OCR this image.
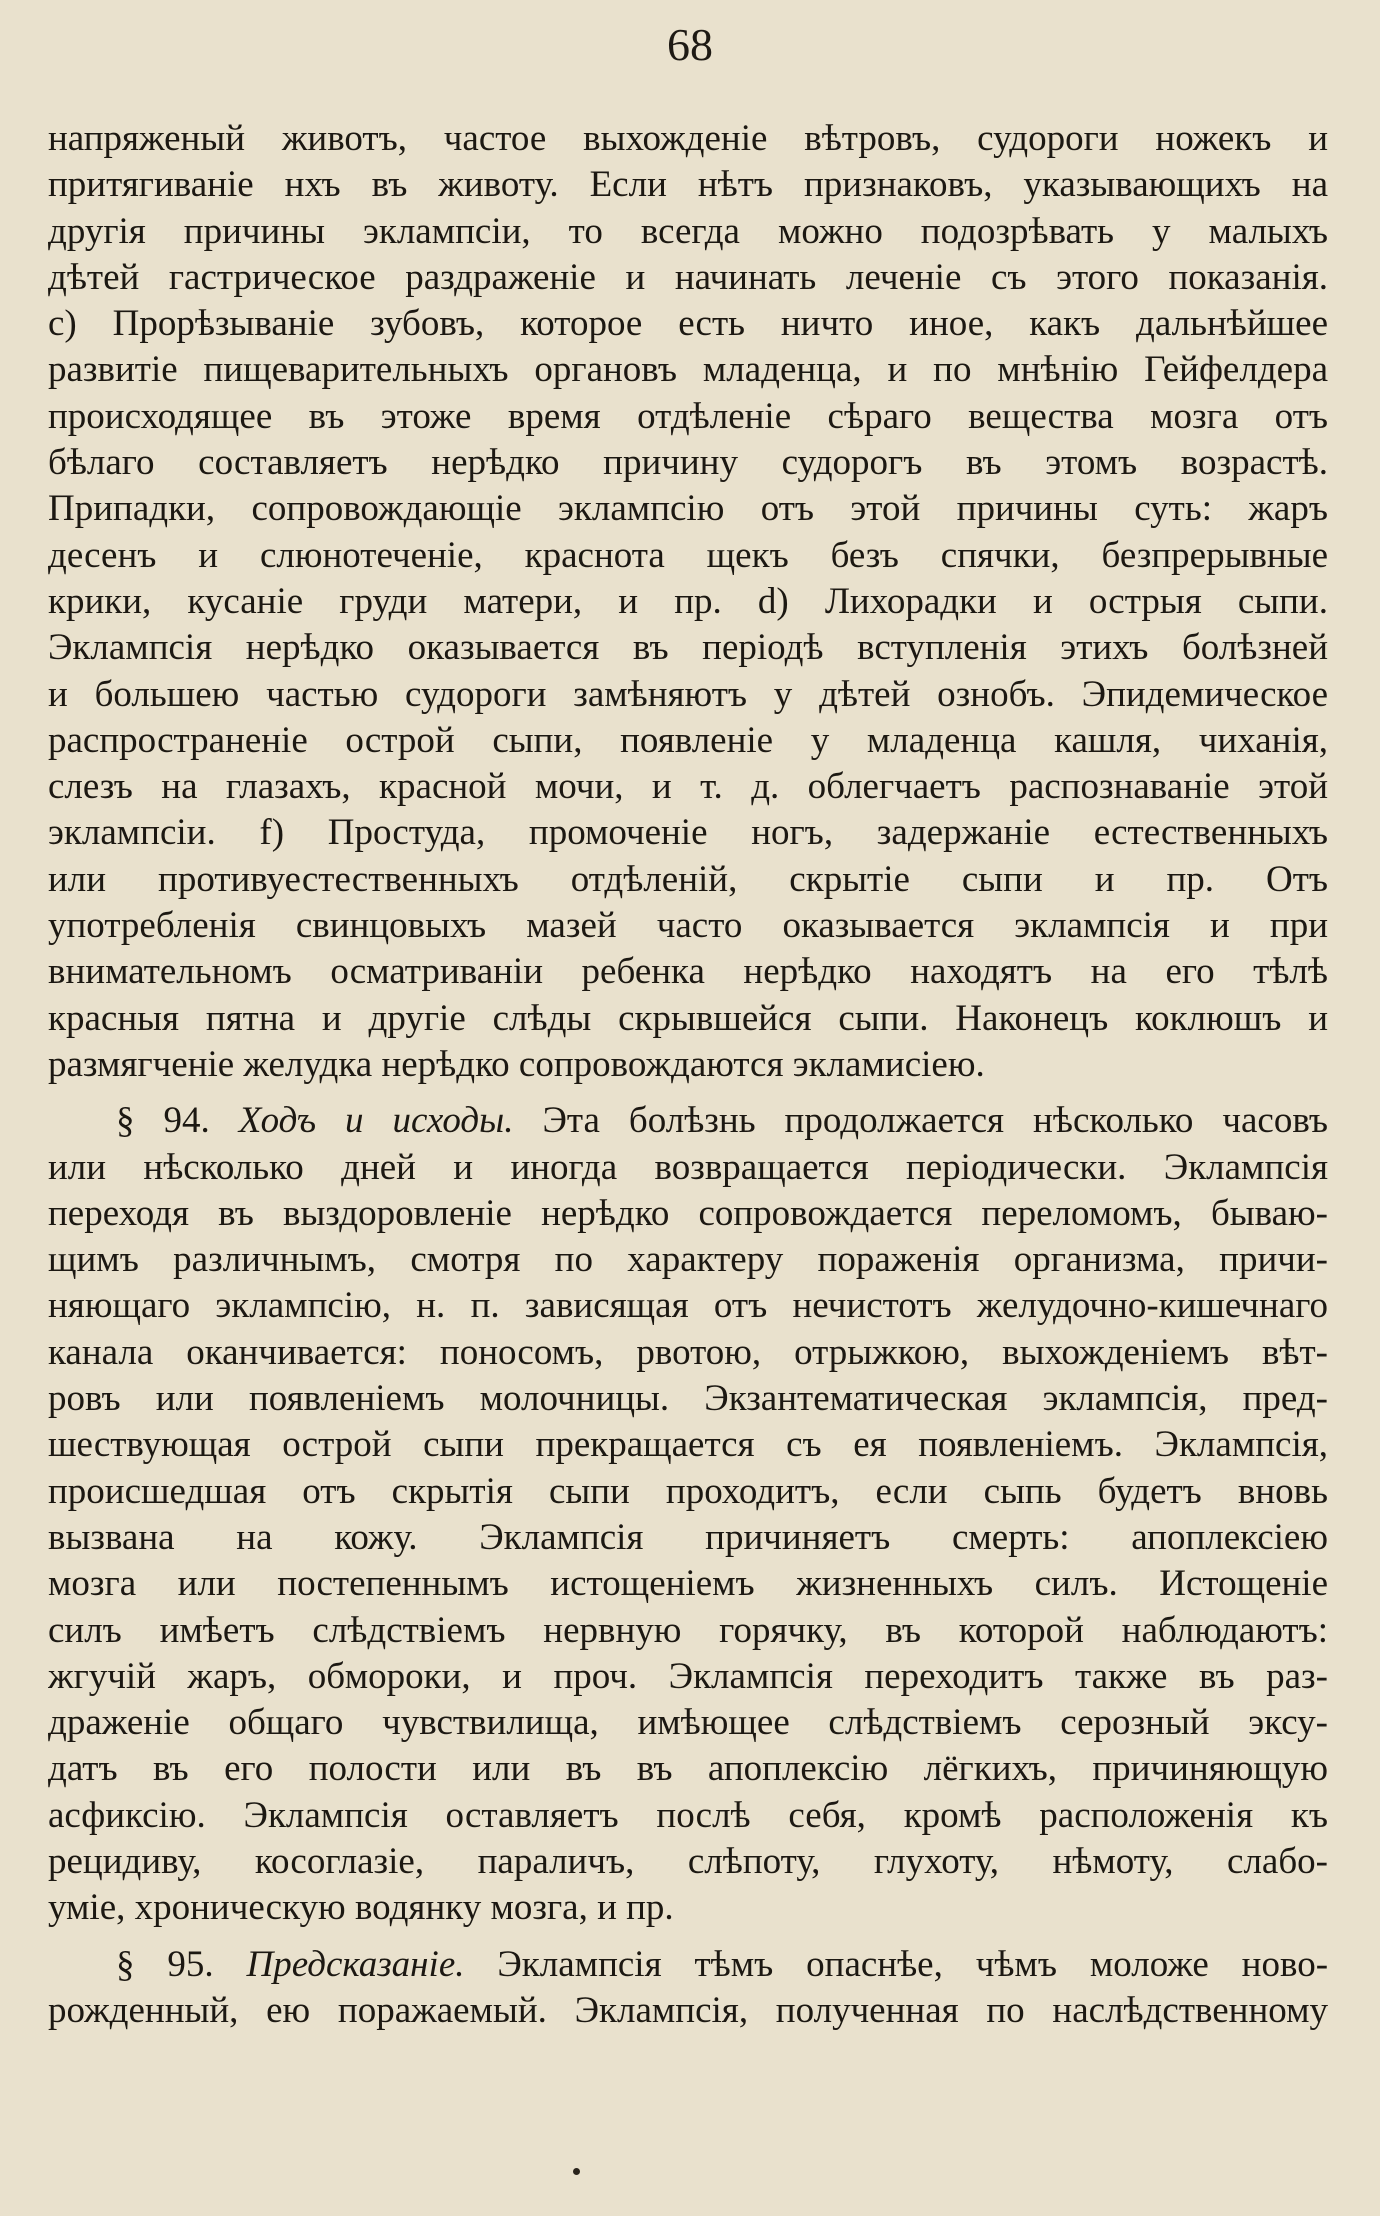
68
напряженый животъ, частое выхожденіе вѣтровъ, судороги ножекъ и
притягиваніе нхъ въ животу. Если нѣтъ признаковъ, указывающихъ на
другія причины эклампсіи, то всегда можно подозрѣвать у малыхъ
дѣтей гастрическое раздраженіе и начинать леченіе съ этого показанія.
c) Прорѣзываніе зубовъ, которое есть ничто иное, какъ дальнѣйшее
развитіе пищеварительныхъ органовъ младенца, и по мнѣнію Гейфелдера
происходящее въ этоже время отдѣленіе сѣраго вещества мозга отъ
бѣлаго составляетъ нерѣдко причину судорогъ въ этомъ возрастѣ.
Припадки, сопровождающіе эклампсію отъ этой причины суть: жаръ
десенъ и слюнотеченіе, краснота щекъ безъ спячки, безпрерывные
крики, кусаніе груди матери, и пр. d) Лихорадки и острыя сыпи.
Эклампсія нерѣдко оказывается въ періодѣ вступленія этихъ болѣзней
и большею частью судороги замѣняютъ у дѣтей ознобъ. Эпидемическое
распространеніе острой сыпи, появленіе у младенца кашля, чиханія,
слезъ на глазахъ, красной мочи, и т. д. облегчаетъ распознаваніе этой
эклампсіи. f) Простуда, промоченіе ногъ, задержаніе естественныхъ
или противуестественныхъ отдѣленій, скрытіе сыпи и пр. Отъ
употребленія свинцовыхъ мазей часто оказывается эклампсія и при
внимательномъ осматриваніи ребенка нерѣдко находятъ на его тѣлѣ
красныя пятна и другіе слѣды скрывшейся сыпи. Наконецъ коклюшъ и
размягченіе желудка нерѣдко сопровождаются экламисіею.
§ 94. Ходъ и исходы. Эта болѣзнь продолжается нѣсколько часовъ
или нѣсколько дней и иногда возвращается періодически. Эклампсія
переходя въ выздоровленіе нерѣдко сопровождается переломомъ, бываю-
щимъ различнымъ, смотря по характеру пораженія организма, причи-
няющаго эклампсію, н. п. зависящая отъ нечистотъ желудочно-кишечнаго
канала оканчивается: поносомъ, рвотою, отрыжкою, выхожденіемъ вѣт-
ровъ или появленіемъ молочницы. Экзантематическая эклампсія, пред-
шествующая острой сыпи прекращается съ ея появленіемъ. Эклампсія,
происшедшая отъ скрытія сыпи проходитъ, если сыпь будетъ вновь
вызвана на кожу. Эклампсія причиняетъ смерть: апоплексіею
мозга или постепеннымъ истощеніемъ жизненныхъ силъ. Истощеніе
силъ имѣетъ слѣдствіемъ нервную горячку, въ которой наблюдаютъ:
жгучій жаръ, обмороки, и проч. Эклампсія переходитъ также въ раз-
драженіе общаго чувствилища, имѣющее слѣдствіемъ серозный эксу-
датъ въ его полости или въ въ апоплексію лёгкихъ, причиняющую
асфиксію. Эклампсія оставляетъ послѣ себя, кромѣ расположенія къ
рецидиву, косоглазіе, параличъ, слѣпоту, глухоту, нѣмоту, слабо-
уміе, хроническую водянку мозга, и пр.
§ 95. Предсказаніе. Эклампсія тѣмъ опаснѣе, чѣмъ моложе ново-
рожденный, ею поражаемый. Эклампсія, полученная по наслѣдственному
